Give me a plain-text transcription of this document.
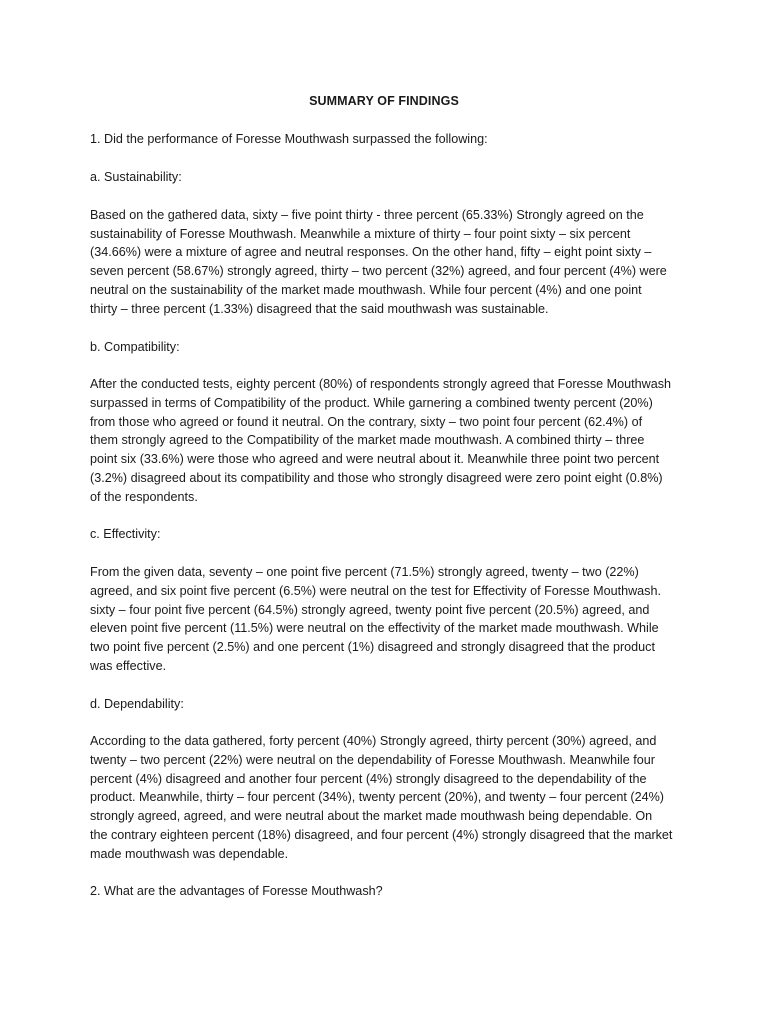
SUMMARY OF FINDINGS
1. Did the performance of Foresse Mouthwash surpassed the following:
a. Sustainability:
Based on the gathered data, sixty – five point thirty - three percent (65.33%) Strongly agreed on the
sustainability of Foresse Mouthwash. Meanwhile a mixture of thirty – four point sixty – six percent
(34.66%) were a mixture of agree and neutral responses. On the other hand, fifty – eight point sixty –
seven percent (58.67%) strongly agreed, thirty – two percent (32%) agreed, and four percent (4%) were
neutral on the sustainability of the market made mouthwash. While four percent (4%) and one point
thirty – three percent (1.33%) disagreed that the said mouthwash was sustainable.
b. Compatibility:
After the conducted tests, eighty percent (80%) of respondents strongly agreed that Foresse Mouthwash
surpassed in terms of Compatibility of the product. While garnering a combined twenty percent (20%)
from those who agreed or found it neutral. On the contrary, sixty – two point four percent (62.4%) of
them strongly agreed to the Compatibility of the market made mouthwash. A combined thirty – three
point six (33.6%) were those who agreed and were neutral about it. Meanwhile three point two percent
(3.2%) disagreed about its compatibility and those who strongly disagreed were zero point eight (0.8%)
of the respondents.
c. Effectivity:
From the given data, seventy – one point five percent (71.5%) strongly agreed, twenty – two (22%)
agreed, and six point five percent (6.5%) were neutral on the test for Effectivity of Foresse Mouthwash.
sixty – four point five percent (64.5%) strongly agreed, twenty point five percent (20.5%) agreed, and
eleven point five percent (11.5%) were neutral on the effectivity of the market made mouthwash. While
two point five percent (2.5%) and one percent (1%) disagreed and strongly disagreed that the product
was effective.
d. Dependability:
According to the data gathered, forty percent (40%) Strongly agreed, thirty percent (30%) agreed, and
twenty – two percent (22%) were neutral on the dependability of Foresse Mouthwash. Meanwhile four
percent (4%) disagreed and another four percent (4%) strongly disagreed to the dependability of the
product. Meanwhile, thirty – four percent (34%), twenty percent (20%), and twenty – four percent (24%)
strongly agreed, agreed, and were neutral about the market made mouthwash being dependable. On
the contrary eighteen percent (18%) disagreed, and four percent (4%) strongly disagreed that the market
made mouthwash was dependable.
2. What are the advantages of Foresse Mouthwash?
